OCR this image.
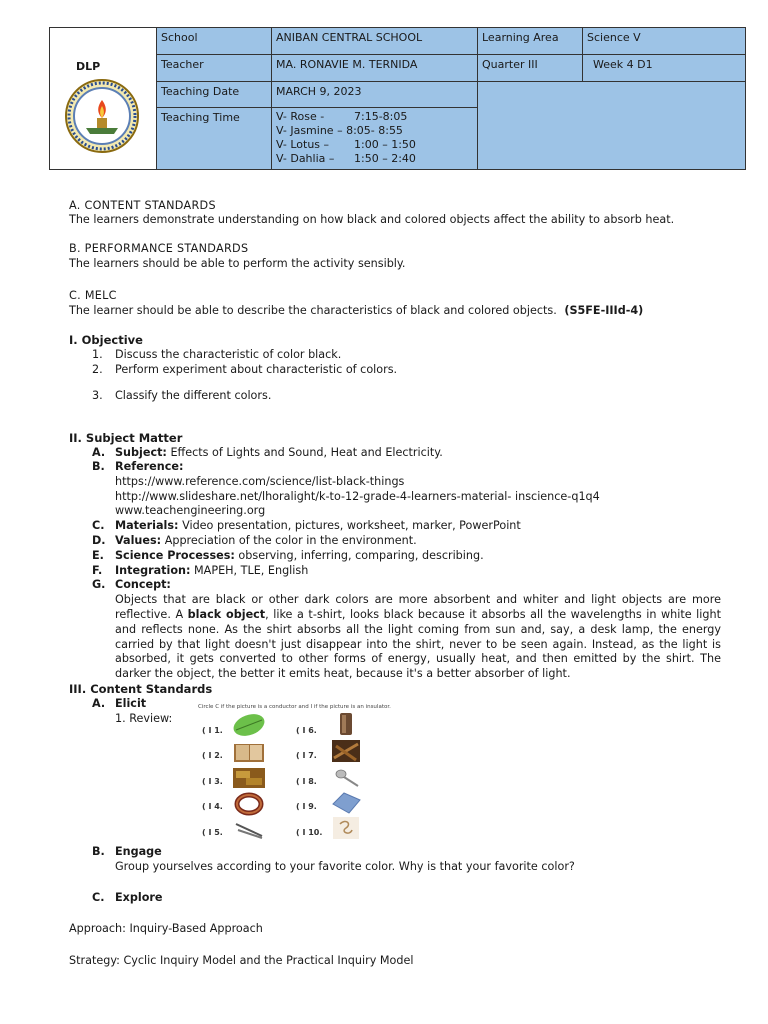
DLP
School	ANIBAN CENTRAL SCHOOL	Learning Area	Science V
Teacher	MA. RONAVIE M. TERNIDA	Quarter III	Week 4 D1
Teaching Date	MARCH 9, 2023
Teaching Time	V- Rose -	7:15-8:05
V- Jasmine – 8:05- 8:55
V- Lotus – 1:00 – 1:50
V- Dahlia – 1:50 – 2:40
A. CONTENT STANDARDS
The learners demonstrate understanding on how black and colored objects affect the ability to absorb heat.
B. PERFORMANCE STANDARDS
The learners should be able to perform the activity sensibly.
C. MELC
The learner should be able to describe the characteristics of black and colored objects. (S5FE-IIId-4)
I. Objective
1. Discuss the characteristic of color black.
2. Perform experiment about characteristic of colors.
3. Classify the different colors.
II. Subject Matter
A. Subject: Effects of Lights and Sound, Heat and Electricity.
B. Reference:
https://www.reference.com/science/list-black-things
http://www.slideshare.net/lhoralight/k-to-12-grade-4-learners-material- inscience-q1q4
www.teachengineering.org
C. Materials: Video presentation, pictures, worksheet, marker, PowerPoint
D. Values: Appreciation of the color in the environment.
E. Science Processes: observing, inferring, comparing, describing.
F. Integration: MAPEH, TLE, English
G. Concept:
Objects that are black or other dark colors are more absorbent and whiter and light objects are more
reflective. A black object, like a t-shirt, looks black because it absorbs all the wavelengths in white light
and reflects none. As the shirt absorbs all the light coming from sun and, say, a desk lamp, the energy
carried by that light doesn't just disappear into the shirt, never to be seen again. Instead, as the light is
absorbed, it gets converted to other forms of energy, usually heat, and then emitted by the shirt. The
darker the object, the better it emits heat, because it's a better absorber of light.
III. Content Standards
A. Elicit
1. Review:
Circle C if the picture is a conductor and I if the picture is an insulator.
( I 1.
( I 2.
( I 3.
( I 4.
( I 5.
( I 6.
( I 7.
( I 8.
( I 9.
( I 10.
B. Engage
Group yourselves according to your favorite color. Why is that your favorite color?
C. Explore
Approach: Inquiry-Based Approach
Strategy: Cyclic Inquiry Model and the Practical Inquiry Model
